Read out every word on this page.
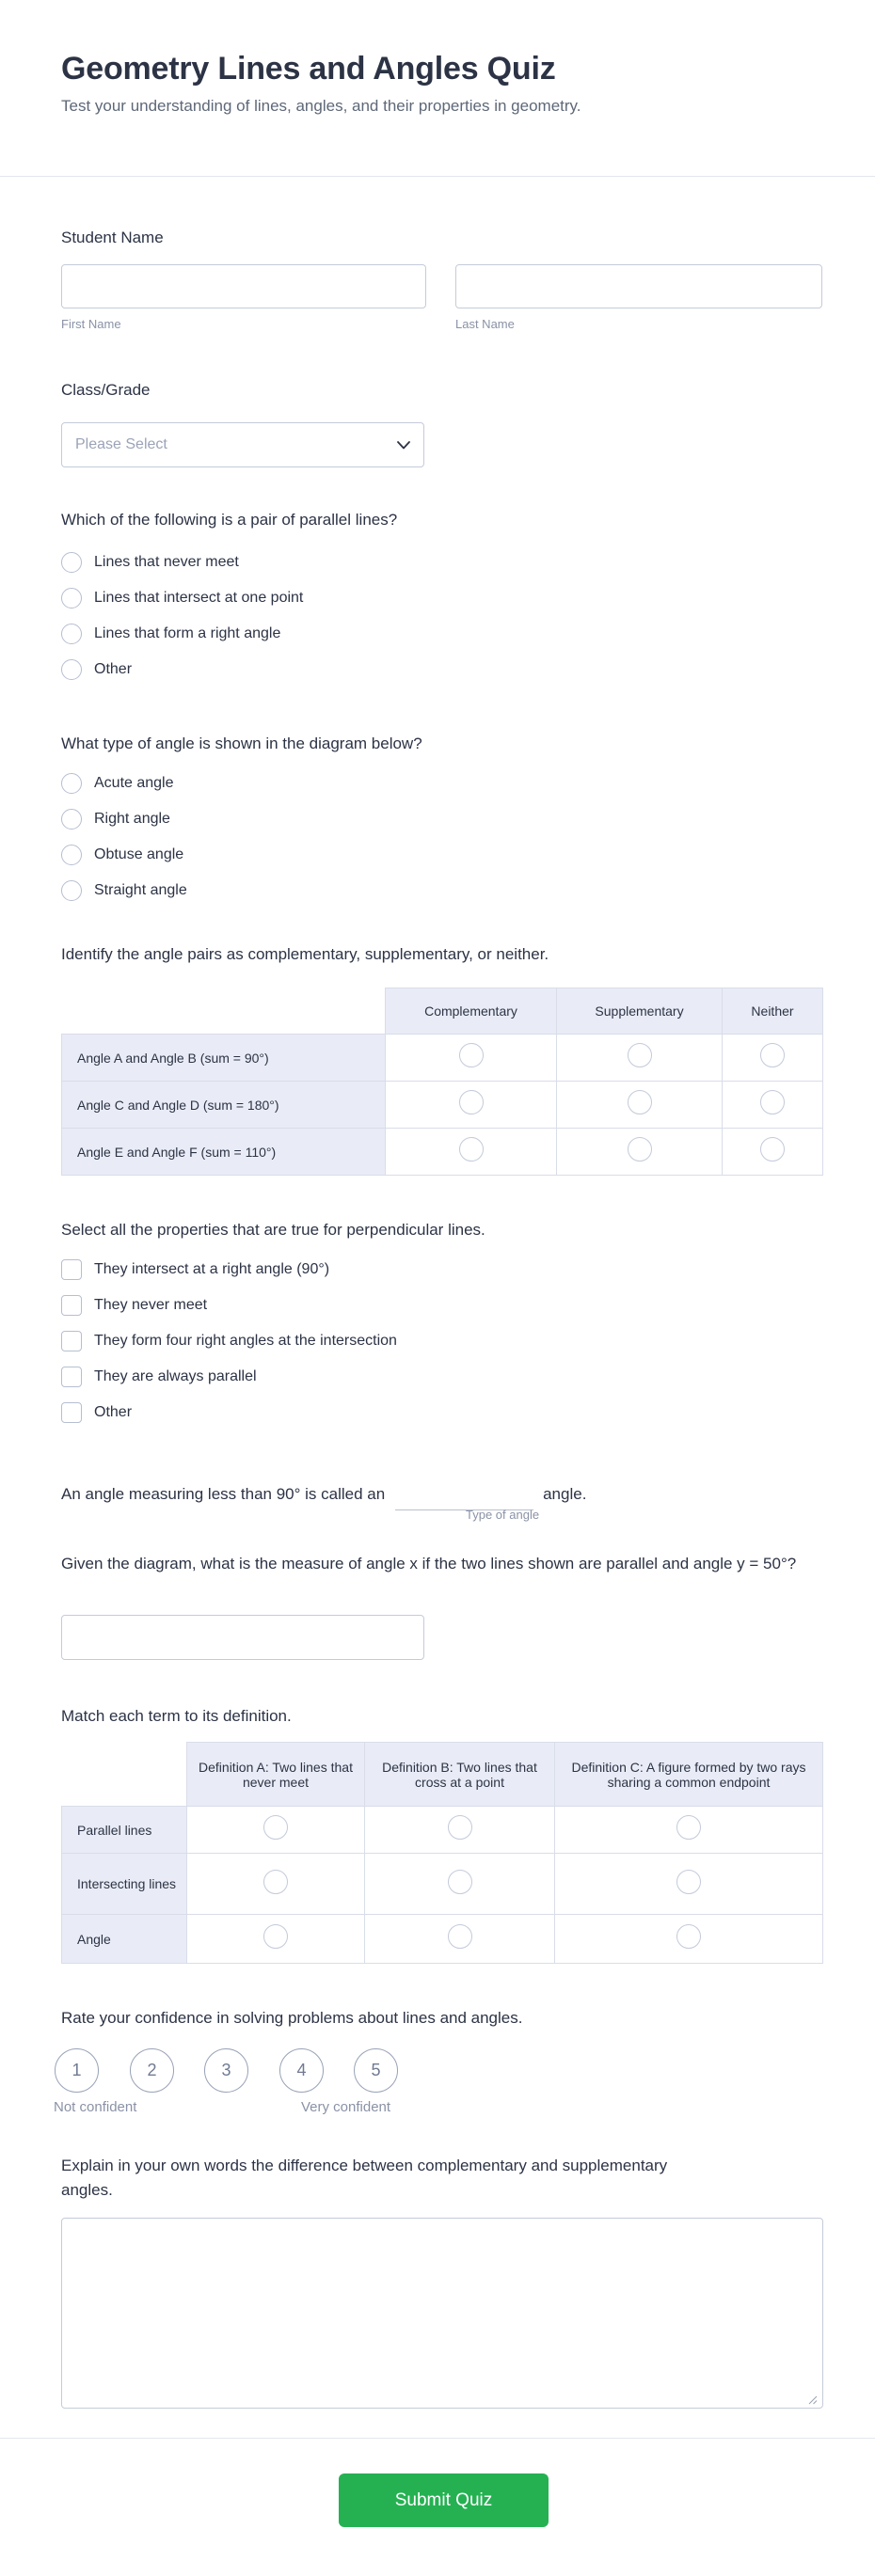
Geometry Lines and Angles Quiz
Test your understanding of lines, angles, and their properties in geometry.
Student Name
First Name	Last Name
Class/Grade
Please Select
Which of the following is a pair of parallel lines?
Lines that never meet
Lines that intersect at one point
Lines that form a right angle
Other
What type of angle is shown in the diagram below?
Acute angle
Right angle
Obtuse angle
Straight angle
Identify the angle pairs as complementary, supplementary, or neither.
	Complementary	Supplementary	Neither
Angle A and Angle B (sum = 90°)			
Angle C and Angle D (sum = 180°)			
Angle E and Angle F (sum = 110°)			
Select all the properties that are true for perpendicular lines.
They intersect at a right angle (90°)
They never meet
They form four right angles at the intersection
They are always parallel
Other
An angle measuring less than 90° is called an	angle.
Type of angle
Given the diagram, what is the measure of angle x if the two lines shown are parallel and angle y = 50°?
Match each term to its definition.
	Definition A: Two lines that never meet	Definition B: Two lines that cross at a point	Definition C: A figure formed by two rays sharing a common endpoint
Parallel lines			
Intersecting lines			
Angle			
Rate your confidence in solving problems about lines and angles.
1	2	3	4	5
Not confident	Very confident
Explain in your own words the difference between complementary and supplementary angles.
Submit Quiz
